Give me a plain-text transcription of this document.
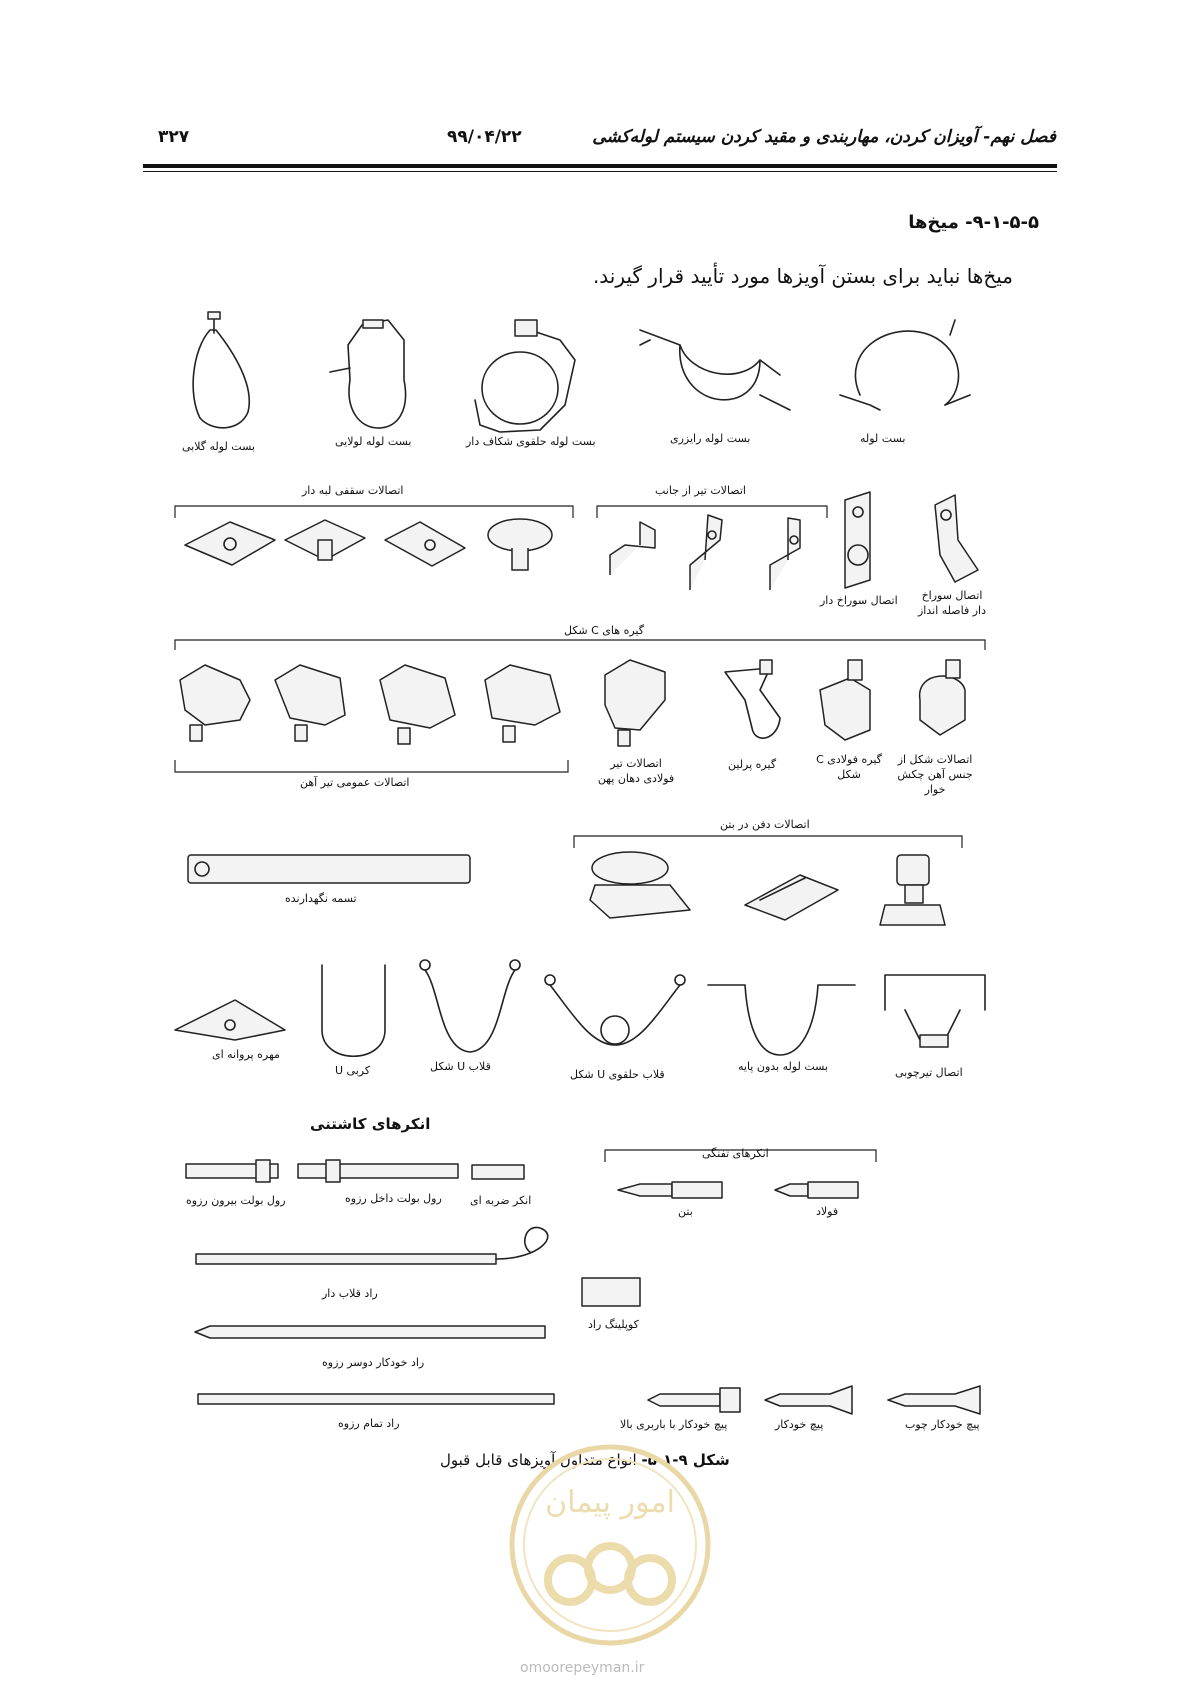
فصل نهم- آویزان کردن، مهاربندی و مقید کردن سیستم لوله‌کشی
۹۹/۰۴/۲۲
۳۲۷
۹-۱-۵-۵- میخ‌ها
میخ‌ها نباید برای بستن آویزها مورد تأیید قرار گیرند.
بست لوله
بست لوله رایزری
بست لوله حلقوی شکاف دار
بست لوله لولایی
بست لوله گلابی
اتصالات سقفی لبه دار	اتصالات تیر از جانب
اتصال سوراخ دار	اتصال سوراخ دار فاصله انداز
گیره های C شکل
اتصالات عمومی تیر آهن
اتصالات تیر فولادی دهان پهن
گیره پرلین	گیره فولادی C شکل
اتصالات شکل از جنس آهن چکش خوار
تسمه نگهدارنده
اتصالات دفن در بتن
مهره پروانه ای
کربی U	قلاب U شکل
قلاب حلقوی U شکل
بست لوله بدون پایه	اتصال تیرچوبی
انکرهای کاشتنی
انکرهای تفنگی
رول بولت بیرون رزوه	رول بولت داخل رزوه	انکر ضربه ای
بتن	فولاد
راد قلاب دار
کوپلینگ راد
راد خودکار دوسر رزوه
راد تمام رزوه	پیچ خودکار با باربری بالا	پیچ خودکار	پیچ خودکار چوب
شکل ۹-۱-۵- انواع متداول آویزهای قابل قبول
امور پیمان
omoorepeyman.ir
